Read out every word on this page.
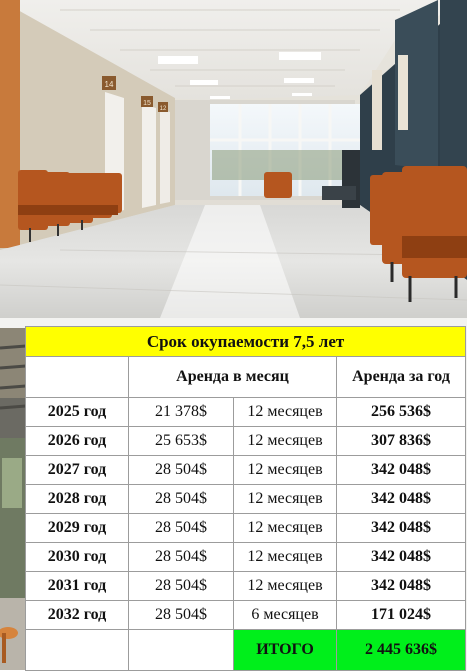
14
15
12
Срок окупаемости 7,5 лет			
	Аренда в месяц		Аренда за год
2025 год	21 378$	12 месяцев	256 536$
2026 год	25 653$	12 месяцев	307 836$
2027 год	28 504$	12 месяцев	342 048$
2028 год	28 504$	12 месяцев	342 048$
2029 год	28 504$	12 месяцев	342 048$
2030 год	28 504$	12 месяцев	342 048$
2031 год	28 504$	12 месяцев	342 048$
2032 год	28 504$	6 месяцев	171 024$
		ИТОГО	2 445 636$
